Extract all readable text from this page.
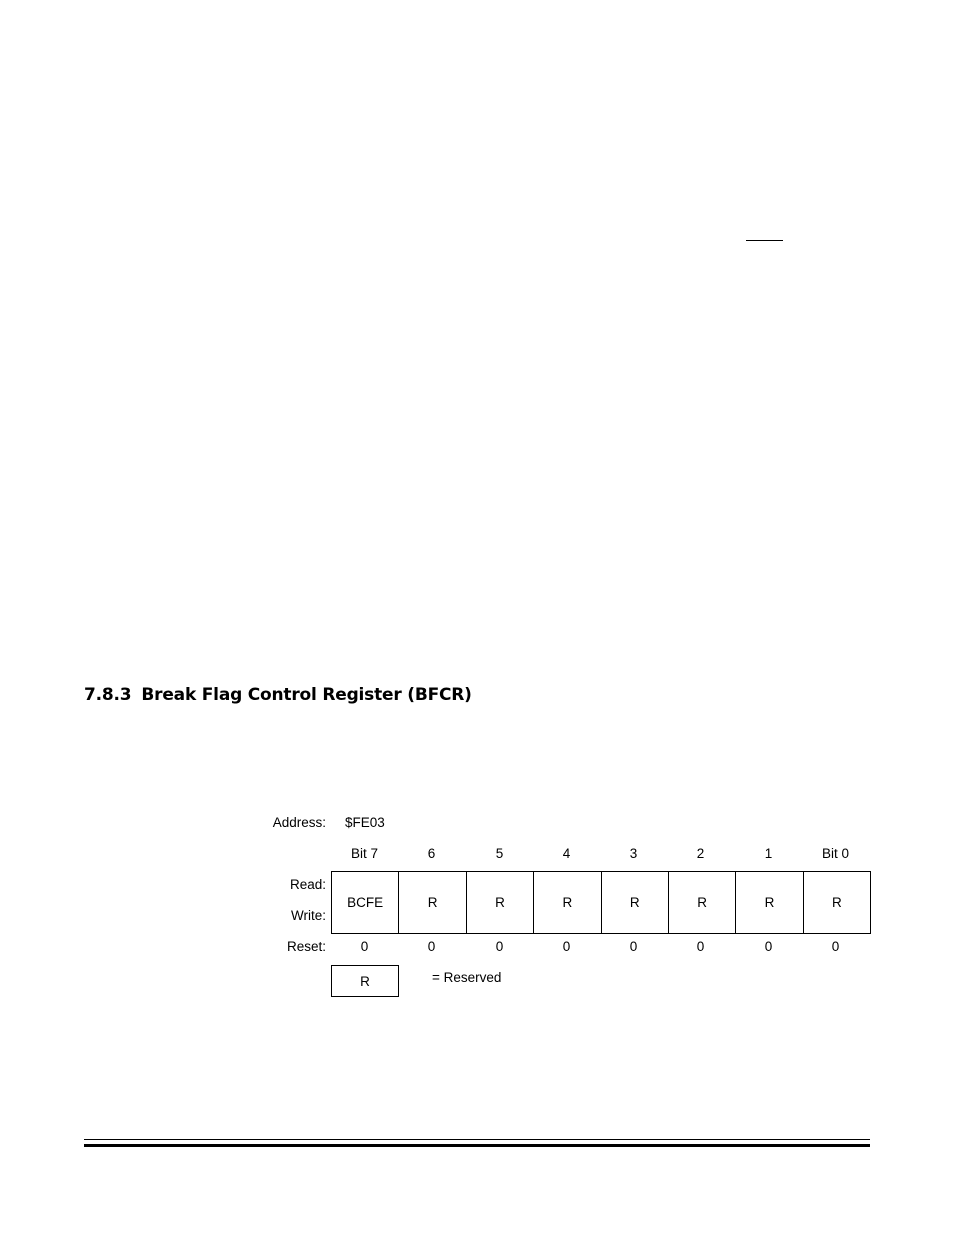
7.8.3 Break Flag Control Register (BFCR)
Address: $FE03
Bit 7	6	5	4	3	2	1	Bit 0
Read:
Write:
BCFE	R	R	R	R	R	R	R
Reset:	0	0	0	0	0	0	0	0
R	= Reserved
